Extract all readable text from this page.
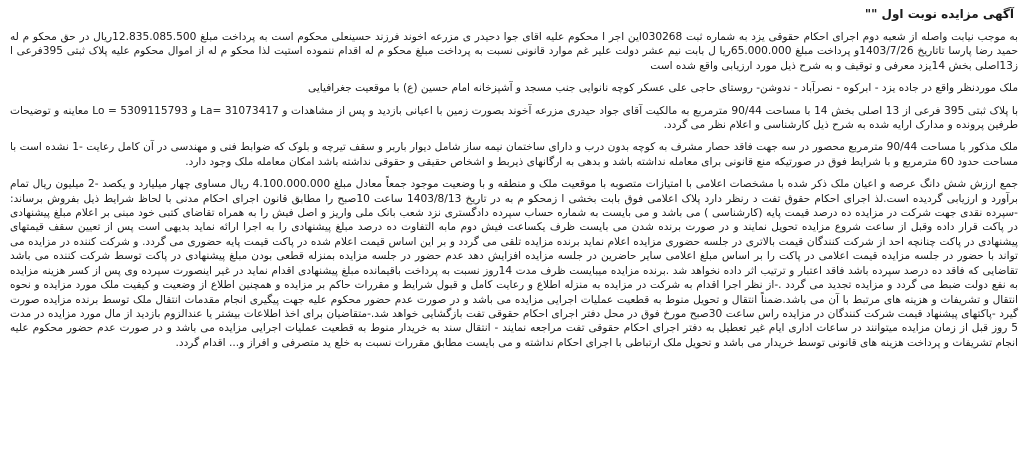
آگهی مزایده نوبت اول ""

به موجب نیابت واصله از شعبه دوم اجرای احکام حقوقی یزد به شماره ثبت 030268این اجر ا محکوم علیه اقای جوا دحیدر ی مزرعه اخوند فرزند حسینعلی محکوم است به پرداخت مبلغ 12.835.085.500ریال در حق محکو م له حمید رضا پارسا تاتاریخ 1403/7/26و پرداخت مبلغ 65.000.000ریا ل بابت نیم عشر دولت علیر غم موارد قانونی نسبت به پرداخت مبلغ محکو م له اقدام ننموده استیت لذا محکو م له از اموال محکوم علیه پلاک ثبتی 395فرعی ا ز13اصلی بخش 14یزد معرفی و توقیف و به شرح ذیل مورد ارزیابی واقع شده است

ملک موردنظر واقع در جاده یزد - ابرکوه - نصرآباد - ندوشن- روستای حاجی علی عسکر کوچه نانوایی جنب مسجد و آشپزخانه امام حسین (ع) با موقعیت جغرافیایی

با پلاک ثبتی 395 فرعی از 13 اصلی بخش 14 با مساحت 90/44 مترمربع به مالکیت آقای جواد حیدری مزرعه آخوند بصورت زمین با اعیانی بازدید و پس از مشاهدات و La= 31073417 و Lo = 5309115793 معاینه و توضیحات طرفین پرونده و مدارک ارایه شده به شرح ذیل کارشناسی و اعلام نظر می گردد.

ملک مذکور با مساحت 90/44 مترمربع محصور در سه جهت فاقد حصار مشرف به کوچه بدون درب و دارای ساختمان نیمه ساز شامل دیوار باربر و سقف تیرچه و بلوک که ضوابط فنی و مهندسی در آن کامل رعایت -1 نشده است با مساحت حدود 60 مترمربع و با شرایط فوق در صورتیکه منع قانونی برای معامله نداشته باشد و بدهی به ارگانهای ذیربط و اشخاص حقیقی و حقوقی نداشته باشد امکان معامله ملک وجود دارد.

جمع ارزش شش دانگ عرصه و اعیان ملک ذکر شده با مشخصات اعلامی با امتیازات متصوبه با موقعیت ملک و منطقه و با وضعیت موجود جمعاً معادل مبلغ 4.100.000.000 ریال مساوی چهار میلیارد و یکصد -2 میلیون ریال تمام برآورد و ارزیابی گردیده است.لذ اجرای احکام حقوق تفت د رنظر دارد پلاک اعلامی فوق بابت بخشی ا زمحکو م به در تاریخ 1403/8/13 ساعت 10صبح را مطابق قانون اجرای احکام مدنی با لحاظ شرایط ذیل بفروش برساند: -سپرده نقدی جهت شرکت در مزایده ده درصد قیمت پایه (کارشناسی ) می باشد و می بایست به شماره حساب سپرده دادگستری نزد شعب بانک ملی واریز و اصل فیش را به همراه تقاضای کتبی خود مبنی بر اعلام مبلغ پیشنهادی در پاکت قرار داده وقبل از ساعت شروع مزایده تحویل نمایند و در صورت برنده شدن می بایست ظرف یکساعت فیش دوم مابه التفاوت ده درصد مبلغ پیشنهادی را به اجرا ارائه نماید بدیهی است پس از تعیین سقف قیمتهای پیشنهادی در پاکت چنانچه احد از شرکت کنندگان قیمت بالاتری در جلسه حضوری مزایده اعلام نماید برنده مزایده تلقی می گردد و بر این اساس قیمت اعلام شده در پاکت قیمت پایه حضوری می گردد. و شرکت کننده در مزایده می تواند با حضور در جلسه مزایده قیمت اعلامی در پاکت را بر اساس مبلغ اعلامی سایر حاضرین در جلسه مزایده افزایش دهد عدم حضور در جلسه مزایده بمنزله قطعی بودن مبلغ پیشنهادی در پاکت توسط شرکت کننده می باشد تقاضایی که فاقد ده درصد سپرده باشد فاقد اعتبار و ترتیب اثر داده نخواهد شد .برنده مزایده میبایست ظرف مدت 14روز نسبت به پرداخت باقیمانده مبلغ پیشنهادی اقدام نماید در غیر اینصورت سپرده وی پس از کسر هزینه مزایده به نفع دولت ضبط می گردد و مزایده تجدید می گردد .-از نظر اجرا اقدام به شرکت در مزایده به منزله اطلاع و رعایت کامل و قبول شرایط و مقررات حاکم بر مزایده و همچنین اطلاع از وضعیت و کیفیت ملک مورد مزایده و نحوه انتقال و تشریفات و هزینه های مرتبط با آن می باشد.ضمناً انتقال و تحویل منوط به قطعیت عملیات اجرایی مزایده می باشد و در صورت عدم حضور محکوم علیه جهت پیگیری انجام مقدمات انتقال ملک توسط برنده مزایده صورت گیرد -پاکتهای پیشنهاد قیمت شرکت کنندگان در مزایده راس ساعت 30صبح مورخ فوق در محل دفتر اجرای احکام حقوقی تفت بازگشایی خواهد شد.-متقاضیان برای اخذ اطلاعات بیشتر یا عندالزوم بازدید از مال مورد مزایده در مدت 5 روز قبل از زمان مزایده میتوانند در ساعات اداری ایام غیر تعطیل به دفتر اجرای احکام حقوقی تفت مراجعه نمایند - انتقال سند به خریدار منوط به قطعیت عملیات اجرایی مزایده می باشد و در صورت عدم حضور محکوم علیه انجام تشریفات و پرداخت هزینه های قانونی توسط خریدار می باشد و تحویل ملک ارتباطی با اجرای احکام نداشته و می بایست مطابق مقررات نسبت به خلع ید متصرفی و افراز و... اقدام گردد.
